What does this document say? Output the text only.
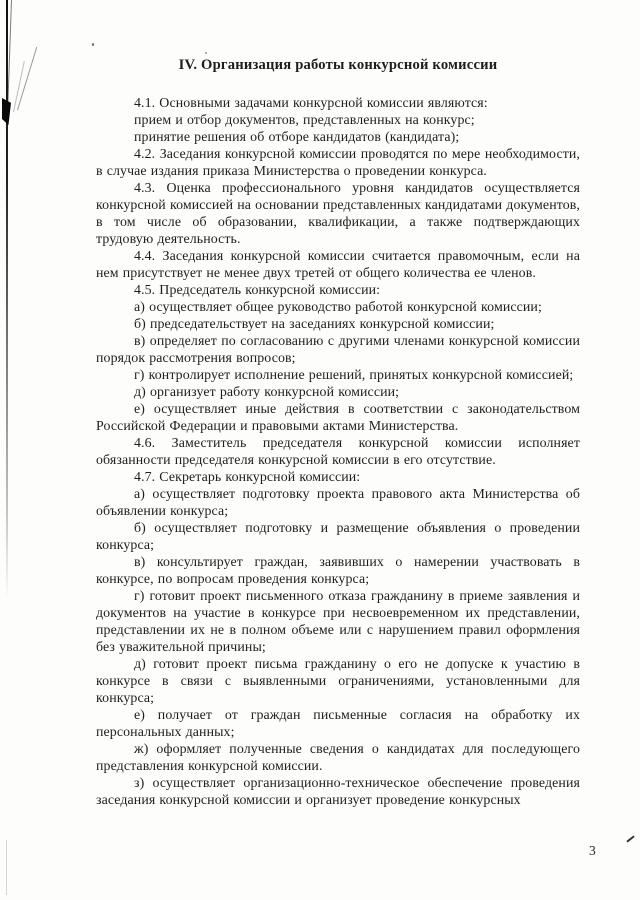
IV. Организация работы конкурсной комиссии

4.1. Основными задачами конкурсной комиссии являются:

прием и отбор документов, представленных на конкурс;

принятие решения об отборе кандидатов (кандидата);

4.2. Заседания конкурсной комиссии проводятся по мере необходимости, в случае издания приказа Министерства о проведении конкурса.

4.3. Оценка профессионального уровня кандидатов осуществляется конкурсной комиссией на основании представленных кандидатами документов, в том числе об образовании, квалификации, а также подтверждающих трудовую деятельность.

4.4. Заседания конкурсной комиссии считается правомочным, если на нем присутствует не менее двух третей от общего количества ее членов.

4.5. Председатель конкурсной комиссии:

а) осуществляет общее руководство работой конкурсной комиссии;

б) председательствует на заседаниях конкурсной комиссии;

в) определяет по согласованию с другими членами конкурсной комиссии порядок рассмотрения вопросов;

г) контролирует исполнение решений, принятых конкурсной комиссией;

д) организует работу конкурсной комиссии;

е) осуществляет иные действия в соответствии с законодательством Российской Федерации и правовыми актами Министерства.

4.6. Заместитель председателя конкурсной комиссии исполняет обязанности председателя конкурсной комиссии в его отсутствие.

4.7. Секретарь конкурсной комиссии:

а) осуществляет подготовку проекта правового акта Министерства об объявлении конкурса;

б) осуществляет подготовку и размещение объявления о проведении конкурса;

в) консультирует граждан, заявивших о намерении участвовать в конкурсе, по вопросам проведения конкурса;

г) готовит проект письменного отказа гражданину в приеме заявления и документов на участие в конкурсе при несвоевременном их представлении, представлении их не в полном объеме или с нарушением правил оформления без уважительной причины;

д) готовит проект письма гражданину о его не допуске к участию в конкурсе в связи с выявленными ограничениями, установленными для конкурса;

е) получает от граждан письменные согласия на обработку их персональных данных;

ж) оформляет полученные сведения о кандидатах для последующего представления конкурсной комиссии.

з) осуществляет организационно-техническое обеспечение проведения заседания конкурсной комиссии и организует проведение конкурсных

3
